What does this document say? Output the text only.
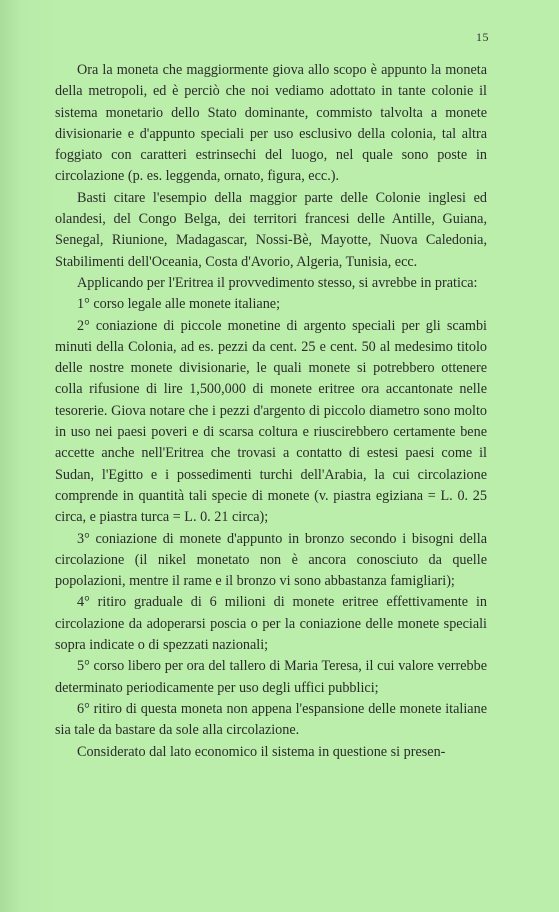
15

Ora la moneta che maggiormente giova allo scopo è appunto la moneta della metropoli, ed è perciò che noi vediamo adottato in tante colonie il sistema monetario dello Stato dominante, commisto talvolta a monete divisionarie e d'appunto speciali per uso esclusivo della colonia, tal altra foggiato con caratteri estrinsechi del luogo, nel quale sono poste in circolazione (p. es. leggenda, ornato, figura, ecc.).

Basti citare l'esempio della maggior parte delle Colonie inglesi ed olandesi, del Congo Belga, dei territori francesi delle Antille, Guiana, Senegal, Riunione, Madagascar, Nossi-Bè, Mayotte, Nuova Caledonia, Stabilimenti dell'Oceania, Costa d'Avorio, Algeria, Tunisia, ecc.

Applicando per l'Eritrea il provvedimento stesso, si avrebbe in pratica:

1° corso legale alle monete italiane;

2° coniazione di piccole monetine di argento speciali per gli scambi minuti della Colonia, ad es. pezzi da cent. 25 e cent. 50 al medesimo titolo delle nostre monete divisionarie, le quali monete si potrebbero ottenere colla rifusione di lire 1,500,000 di monete eritree ora accantonate nelle tesorerie. Giova notare che i pezzi d'argento di piccolo diametro sono molto in uso nei paesi poveri e di scarsa coltura e riuscirebbero certamente bene accette anche nell'Eritrea che trovasi a contatto di estesi paesi come il Sudan, l'Egitto e i possedimenti turchi dell'Arabia, la cui circolazione comprende in quantità tali specie di monete (v. piastra egiziana = L. 0. 25 circa, e piastra turca = L. 0. 21 circa);

3° coniazione di monete d'appunto in bronzo secondo i bisogni della circolazione (il nikel monetato non è ancora conosciuto da quelle popolazioni, mentre il rame e il bronzo vi sono abbastanza famigliari);

4° ritiro graduale di 6 milioni di monete eritree effettivamente in circolazione da adoperarsi poscia o per la coniazione delle monete speciali sopra indicate o di spezzati nazionali;

5° corso libero per ora del tallero di Maria Teresa, il cui valore verrebbe determinato periodicamente per uso degli uffici pubblici;

6° ritiro di questa moneta non appena l'espansione delle monete italiane sia tale da bastare da sole alla circolazione.

Considerato dal lato economico il sistema in questione si presen-
